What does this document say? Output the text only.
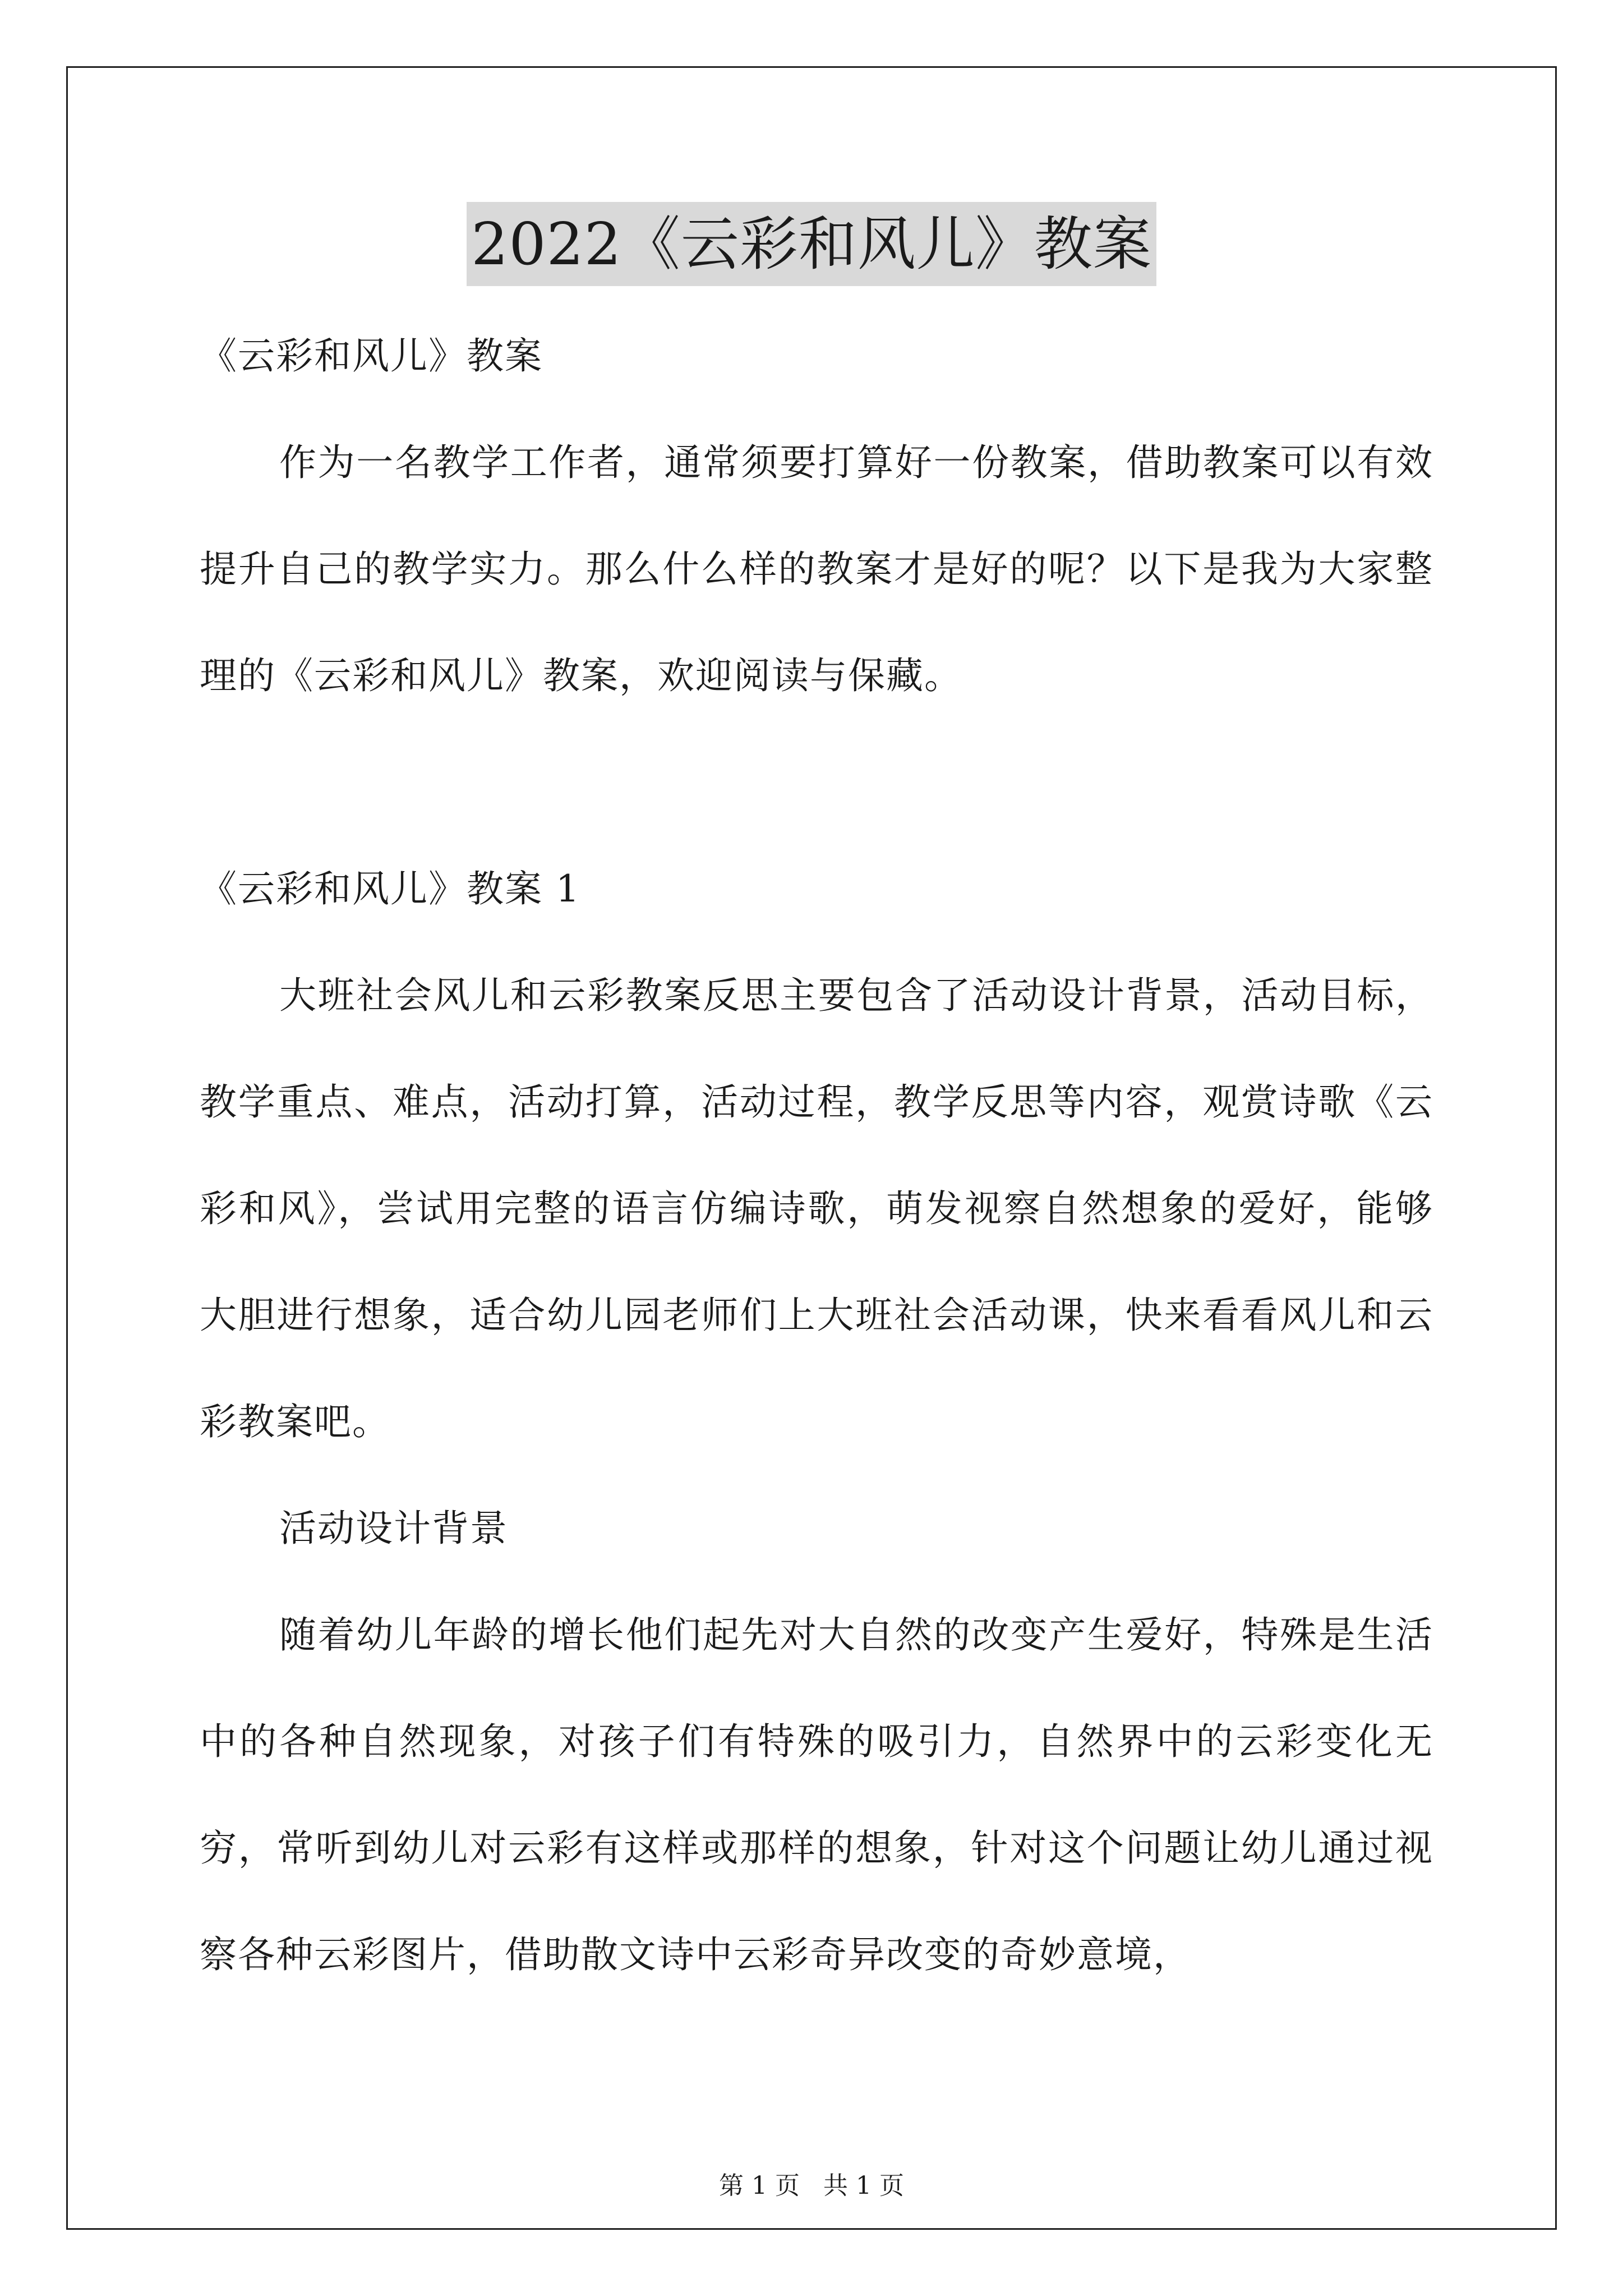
2022《云彩和风儿》教案

《云彩和风儿》教案

作为一名教学工作者，通常须要打算好一份教案，借助教案可以有效提升自己的教学实力。那么什么样的教案才是好的呢？以下是我为大家整理的《云彩和风儿》教案，欢迎阅读与保藏。

《云彩和风儿》教案 1

大班社会风儿和云彩教案反思主要包含了活动设计背景，活动目标，教学重点、难点，活动打算，活动过程，教学反思等内容，观赏诗歌《云彩和风》，尝试用完整的语言仿编诗歌，萌发视察自然想象的爱好，能够大胆进行想象，适合幼儿园老师们上大班社会活动课，快来看看风儿和云彩教案吧。

活动设计背景

随着幼儿年龄的增长他们起先对大自然的改变产生爱好，特殊是生活中的各种自然现象，对孩子们有特殊的吸引力，自然界中的云彩变化无穷，常听到幼儿对云彩有这样或那样的想象，针对这个问题让幼儿通过视察各种云彩图片，借助散文诗中云彩奇异改变的奇妙意境，

第 1 页 共 1 页
